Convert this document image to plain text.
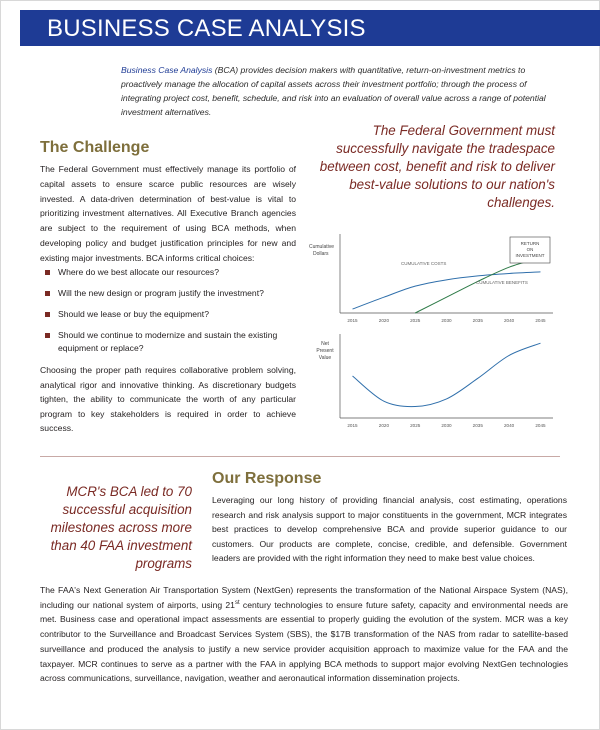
BUSINESS CASE ANALYSIS
Business Case Analysis (BCA) provides decision makers with quantitative, return-on-investment metrics to proactively manage the allocation of capital assets across their investment portfolio; through the process of integrating project cost, benefit, schedule, and risk into an evaluation of overall value across a range of potential investment alternatives.
The Challenge
The Federal Government must successfully navigate the tradespace between cost, benefit and risk to deliver best-value solutions to our nation's challenges.
The Federal Government must effectively manage its portfolio of capital assets to ensure scarce public resources are wisely invested. A data-driven determination of best-value is vital to prioritizing investment alternatives. All Executive Branch agencies are subject to the requirement of using BCA methods, when developing policy and budget justification principles for new and existing major investments. BCA informs critical choices:
Where do we best allocate our resources?
Will the new design or program justify the investment?
Should we lease or buy the equipment?
Should we continue to modernize and sustain the existing equipment or replace?
Choosing the proper path requires collaborative problem solving, analytical rigor and innovative thinking. As discretionary budgets tighten, the ability to communicate the worth of any particular program to key stakeholders is required in order to achieve success.
Cumulative Dollars
2015	2020	2025	2030	2035	2040	2045
CUMULATIVE COSTS
CUMULATIVE BENEFITS
RETURN ON INVESTMENT
Net Present Value
2015	2020	2025	2030	2035	2040	2045
MCR's BCA led to 70 successful acquisition milestones across more than 40 FAA investment programs
Our Response
Leveraging our long history of providing financial analysis, cost estimating, operations research and risk analysis support to major constituents in the government, MCR integrates best practices to develop comprehensive BCA and provide superior guidance to our customers. Our products are complete, concise, credible, and defensible. Government leaders are provided with the right information they need to make best value choices.
The FAA's Next Generation Air Transportation System (NextGen) represents the transformation of the National Airspace System (NAS), including our national system of airports, using 21st century technologies to ensure future safety, capacity and environmental needs are met. Business case and operational impact assessments are essential to properly guiding the evolution of the system. MCR was a key contributor to the Surveillance and Broadcast Services System (SBS), the $17B transformation of the NAS from radar to satellite-based surveillance and produced the analysis to justify a new service provider acquisition approach to maximize value for the FAA and the taxpayer. MCR continues to serve as a partner with the FAA in applying BCA methods to support major evolving NextGen technologies across communications, surveillance, navigation, weather and aeronautical information dissemination projects.
